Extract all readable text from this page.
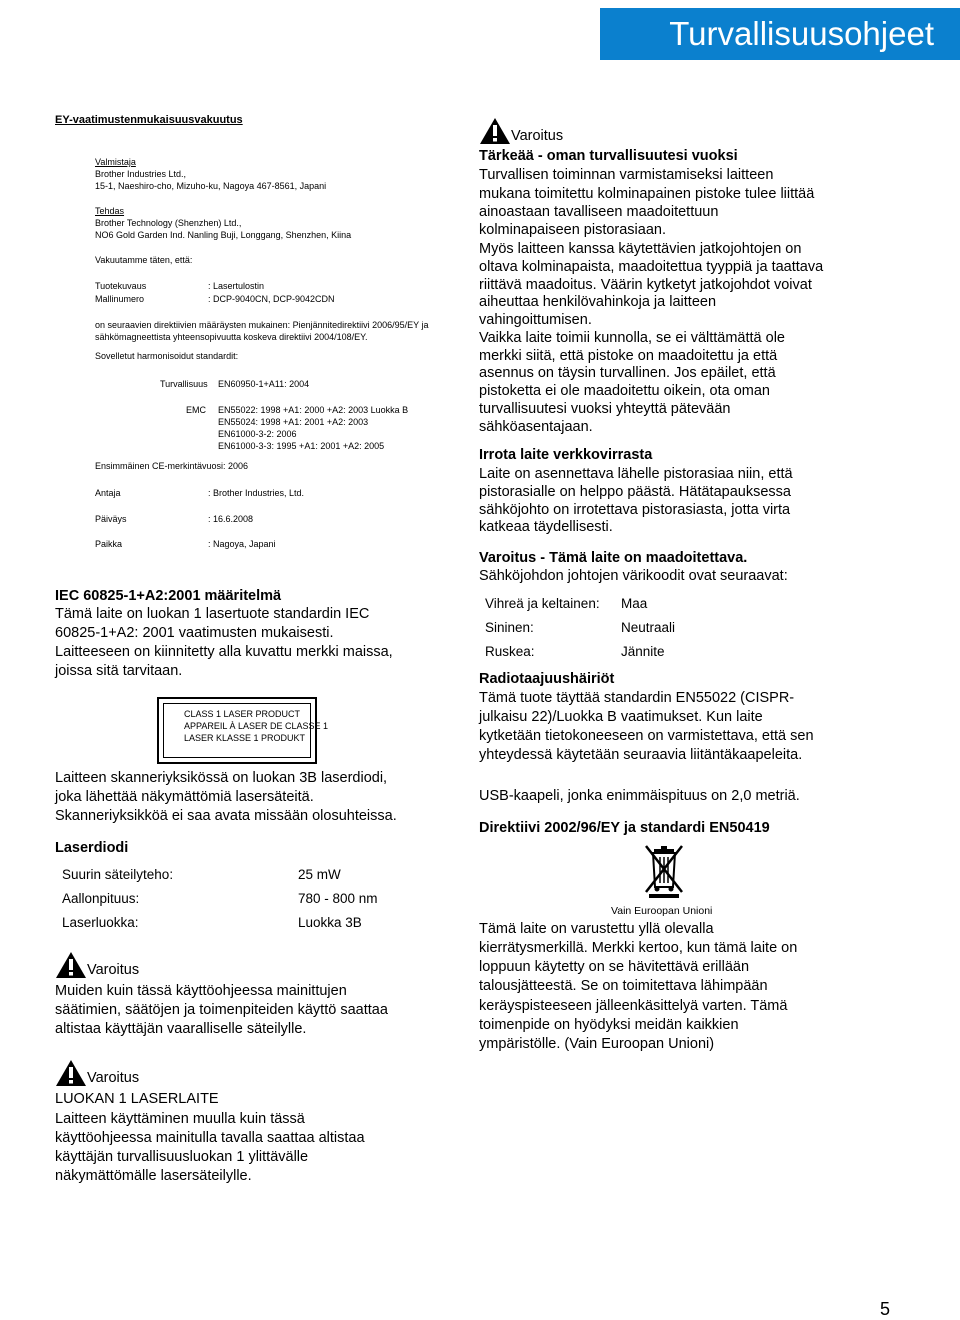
Turvallisuusohjeet
EY-vaatimustenmukaisuusvakuutus
Valmistaja
Brother Industries Ltd.,
15-1, Naeshiro-cho, Mizuho-ku, Nagoya 467-8561, Japani
Tehdas
Brother Technology (Shenzhen) Ltd.,
NO6 Gold Garden Ind. Nanling Buji, Longgang, Shenzhen, Kiina
Vakuutamme täten, että:
Tuotekuvaus	: Lasertulostin
Mallinumero	: DCP-9040CN, DCP-9042CDN
on seuraavien direktiivien määräysten mukainen: Pienjännitedirektiivi 2006/95/EY ja
sähkömagneettista yhteensopivuutta koskeva direktiivi 2004/108/EY.
Sovelletut harmonisoidut standardit:
Turvallisuus EN60950-1+A11: 2004
EMC EN55022: 1998 +A1: 2000 +A2: 2003 Luokka B
EN55024: 1998 +A1: 2001 +A2: 2003
EN61000-3-2: 2006
EN61000-3-3: 1995 +A1: 2001 +A2: 2005
Ensimmäinen CE-merkintävuosi: 2006
Antaja	: Brother Industries, Ltd.
Päiväys	: 16.6.2008
Paikka	: Nagoya, Japani
IEC 60825-1+A2:2001 määritelmä
Tämä laite on luokan 1 lasertuote standardin IEC
60825-1+A2: 2001 vaatimusten mukaisesti.
Laitteeseen on kiinnitetty alla kuvattu merkki maissa,
joissa sitä tarvitaan.
CLASS 1 LASER PRODUCT
APPAREIL À LASER DE CLASSE 1
LASER KLASSE 1 PRODUKT
Laitteen skanneriyksikössä on luokan 3B laserdiodi,
joka lähettää näkymättömiä lasersäteitä.
Skanneriyksikköä ei saa avata missään olosuhteissa.
Laserdiodi
Suurin säteilyteho:	25 mW
Aallonpituus:	780 - 800 nm
Laserluokka:	Luokka 3B
Varoitus
Muiden kuin tässä käyttöohjeessa mainittujen
säätimien, säätöjen ja toimenpiteiden käyttö saattaa
altistaa käyttäjän vaaralliselle säteilylle.
Varoitus
LUOKAN 1 LASERLAITE
Laitteen käyttäminen muulla kuin tässä
käyttöohjeessa mainitulla tavalla saattaa altistaa
käyttäjän turvallisuusluokan 1 ylittävälle
näkymättömälle lasersäteilylle.
Varoitus
Tärkeää - oman turvallisuutesi vuoksi
Turvallisen toiminnan varmistamiseksi laitteen
mukana toimitettu kolminapainen pistoke tulee liittää
ainoastaan tavalliseen maadoitettuun
kolminapaiseen pistorasiaan.
Myös laitteen kanssa käytettävien jatkojohtojen on
oltava kolminapaista, maadoitettua tyyppiä ja taattava
riittävä maadoitus. Väärin kytketyt jatkojohdot voivat
aiheuttaa henkilövahinkoja ja laitteen
vahingoittumisen.
Vaikka laite toimii kunnolla, se ei välttämättä ole
merkki siitä, että pistoke on maadoitettu ja että
asennus on täysin turvallinen. Jos epäilet, että
pistoketta ei ole maadoitettu oikein, ota oman
turvallisuutesi vuoksi yhteyttä pätevään
sähköasentajaan.
Irrota laite verkkovirrasta
Laite on asennettava lähelle pistorasiaa niin, että
pistorasialle on helppo päästä. Hätätapauksessa
sähköjohto on irrotettava pistorasiasta, jotta virta
katkeaa täydellisesti.
Varoitus - Tämä laite on maadoitettava.
Sähköjohdon johtojen värikoodit ovat seuraavat:
Vihreä ja keltainen: Maa
Sininen:	Neutraali
Ruskea:	Jännite
Radiotaajuushäiriöt
Tämä tuote täyttää standardin EN55022 (CISPR-
julkaisu 22)/Luokka B vaatimukset. Kun laite
kytketään tietokoneeseen on varmistettava, että sen
yhteydessä käytetään seuraavia liitäntäkaapeleita.
USB-kaapeli, jonka enimmäispituus on 2,0 metriä.
Direktiivi 2002/96/EY ja standardi EN50419
Vain Euroopan Unioni
Tämä laite on varustettu yllä olevalla
kierrätysmerkillä. Merkki kertoo, kun tämä laite on
loppuun käytetty on se hävitettävä erillään
talousjätteestä. Se on toimitettava lähimpään
keräyspisteeseen jälleenkäsittelyä varten. Tämä
toimenpide on hyödyksi meidän kaikkien
ympäristölle. (Vain Euroopan Unioni)
5
